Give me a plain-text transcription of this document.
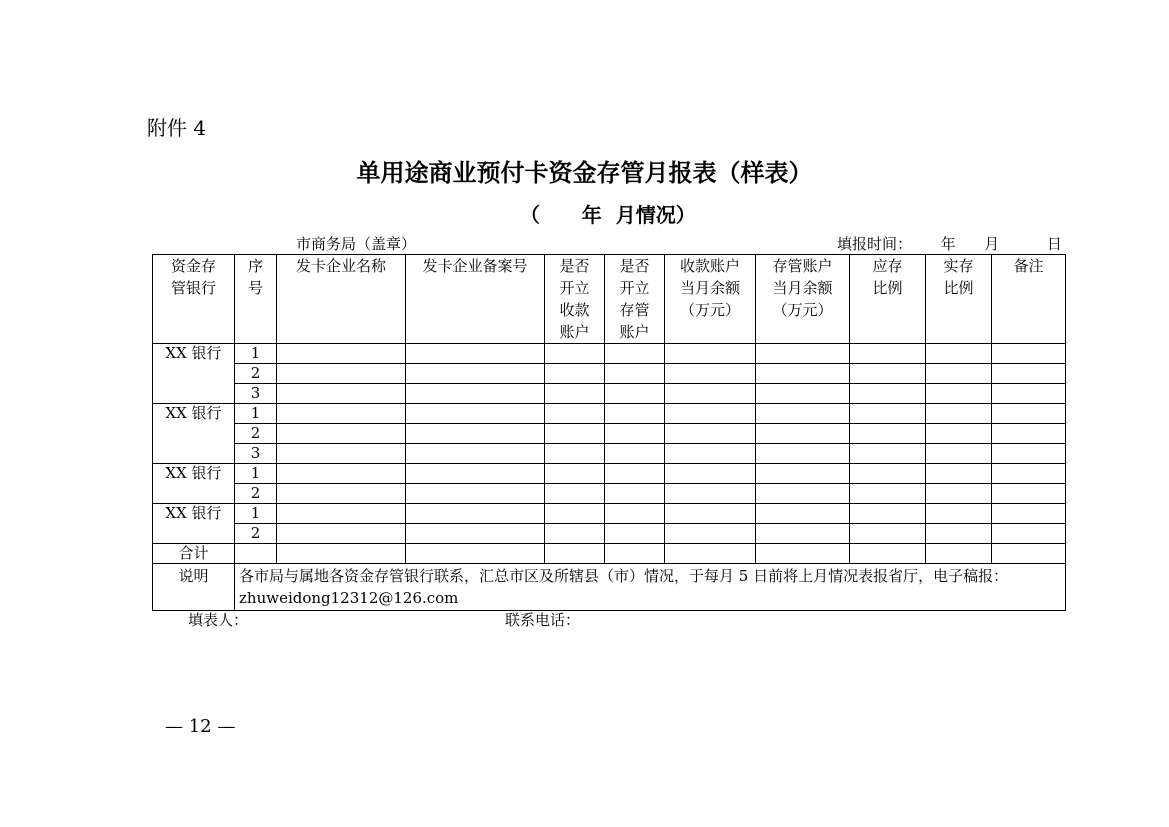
附件 4
单用途商业预付卡资金存管月报表（样表）
（      年  月情况）
市商务局（盖章）	填报时间：      年      月          日
资金存管银行	序号	发卡企业名称	发卡企业备案号	是否开立收款账户	是否开立存管账户	收款账户当月余额（万元）	存管账户当月余额（万元）	应存比例	实存比例	备注
XX 银行	1									
	2									
	3									
XX 银行	1									
	2									
	3									
XX 银行	1									
	2									
XX 银行	1									
	2									
合计										
说明	各市局与属地各资金存管银行联系，汇总市区及所辖县（市）情况，于每月 5 日前将上月情况表报省厅，电子稿报：zhuweidong12312@126.com									
填表人：	联系电话：
— 12 —
